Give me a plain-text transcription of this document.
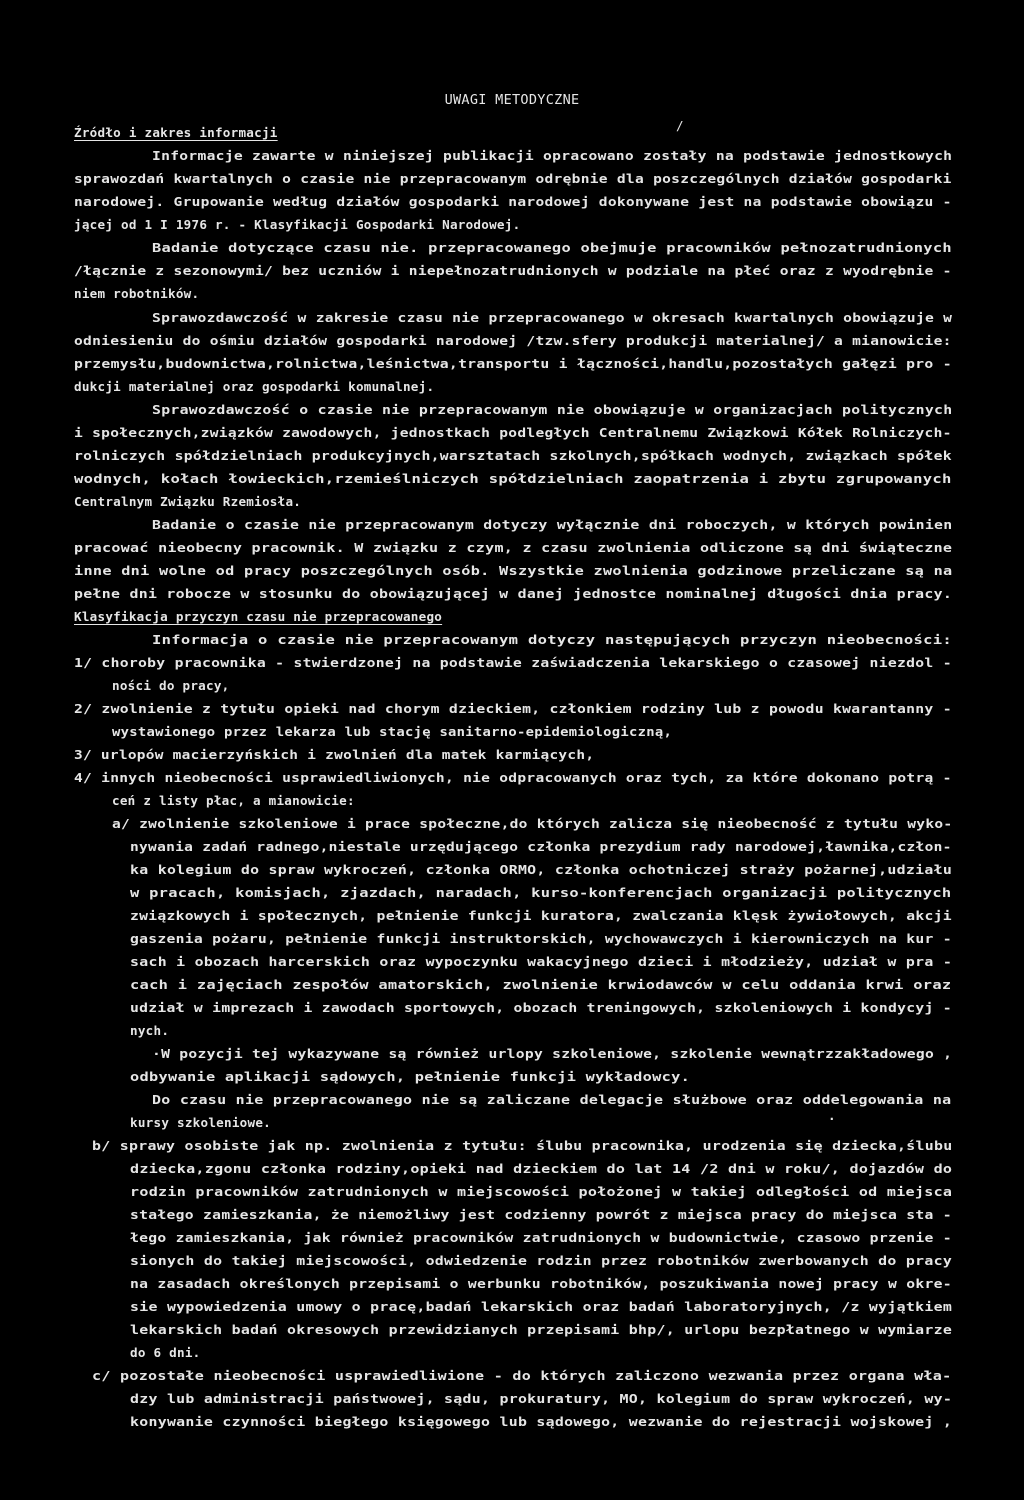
UWAGI METODYCZNE
Źródło i zakres informacji	/
Informacje zawarte w niniejszej publikacji opracowano zostały na podstawie jednostkowych
sprawozdań kwartalnych o czasie nie przepracowanym odrębnie dla poszczególnych działów gospodarki
narodowej. Grupowanie według działów gospodarki narodowej dokonywane jest na podstawie obowiązu -
jącej od 1 I 1976 r. - Klasyfikacji Gospodarki Narodowej.
Badanie dotyczące czasu nie. przepracowanego obejmuje pracowników pełnozatrudnionych
/łącznie z sezonowymi/ bez uczniów i niepełnozatrudnionych w podziale na płeć oraz z wyodrębnie -
niem robotników.
Sprawozdawczość w zakresie czasu nie przepracowanego w okresach kwartalnych obowiązuje w
odniesieniu do ośmiu działów gospodarki narodowej /tzw.sfery produkcji materialnej/ a mianowicie:
przemysłu,budownictwa,rolnictwa,leśnictwa,transportu i łączności,handlu,pozostałych gałęzi pro -
dukcji materialnej oraz gospodarki komunalnej.
Sprawozdawczość o czasie nie przepracowanym nie obowiązuje w organizacjach politycznych
i społecznych,związków zawodowych, jednostkach podległych Centralnemu Związkowi Kółek Rolniczych-
rolniczych spółdzielniach produkcyjnych,warsztatach szkolnych,spółkach wodnych, związkach spółek
wodnych, kołach łowieckich,rzemieślniczych spółdzielniach zaopatrzenia i zbytu zgrupowanych
Centralnym Związku Rzemiosła.
Badanie o czasie nie przepracowanym dotyczy wyłącznie dni roboczych, w których powinien
pracować nieobecny pracownik. W związku z czym, z czasu zwolnienia odliczone są dni świąteczne
inne dni wolne od pracy poszczególnych osób. Wszystkie zwolnienia godzinowe przeliczane są na
pełne dni robocze w stosunku do obowiązującej w danej jednostce nominalnej długości dnia pracy.
Klasyfikacja przyczyn czasu nie przepracowanego
Informacja o czasie nie przepracowanym dotyczy następujących przyczyn nieobecności:
1/ choroby pracownika - stwierdzonej na podstawie zaświadczenia lekarskiego o czasowej niezdol -
ności do pracy,
2/ zwolnienie z tytułu opieki nad chorym dzieckiem, członkiem rodziny lub z powodu kwarantanny -
wystawionego przez lekarza lub stację sanitarno-epidemiologiczną,
3/ urlopów macierzyńskich i zwolnień dla matek karmiących,
4/ innych nieobecności usprawiedliwionych, nie odpracowanych oraz tych, za które dokonano potrą -
ceń z listy płac, a mianowicie:
a/ zwolnienie szkoleniowe i prace społeczne,do których zalicza się nieobecność z tytułu wyko-
nywania zadań radnego,niestale urzędującego członka prezydium rady narodowej,ławnika,człon-
ka kolegium do spraw wykroczeń, członka ORMO, członka ochotniczej straży pożarnej,udziału
w pracach, komisjach, zjazdach, naradach, kurso-konferencjach organizacji politycznych
związkowych i społecznych, pełnienie funkcji kuratora, zwalczania klęsk żywiołowych, akcji
gaszenia pożaru, pełnienie funkcji instruktorskich, wychowawczych i kierowniczych na kur -
sach i obozach harcerskich oraz wypoczynku wakacyjnego dzieci i młodzieży, udział w pra -
cach i zajęciach zespołów amatorskich, zwolnienie krwiodawców w celu oddania krwi oraz
udział w imprezach i zawodach sportowych, obozach treningowych, szkoleniowych i kondycyj -
nych.
·W pozycji tej wykazywane są również urlopy szkoleniowe, szkolenie wewnątrzzakładowego ,
odbywanie aplikacji sądowych, pełnienie funkcji wykładowcy.
Do czasu nie przepracowanego nie są zaliczane delegacje służbowe oraz oddelegowania na
kursy szkoleniowe.
b/ sprawy osobiste jak np. zwolnienia z tytułu: ślubu pracownika, urodzenia się dziecka,ślubu
dziecka,zgonu członka rodziny,opieki nad dzieckiem do lat 14 /2 dni w roku/, dojazdów do
rodzin pracowników zatrudnionych w miejscowości położonej w takiej odległości od miejsca
stałego zamieszkania, że niemożliwy jest codzienny powrót z miejsca pracy do miejsca sta -
łego zamieszkania, jak również pracowników zatrudnionych w budownictwie, czasowo przenie -
sionych do takiej miejscowości, odwiedzenie rodzin przez robotników zwerbowanych do pracy
na zasadach określonych przepisami o werbunku robotników, poszukiwania nowej pracy w okre-
sie wypowiedzenia umowy o pracę,badań lekarskich oraz badań laboratoryjnych, /z wyjątkiem
lekarskich badań okresowych przewidzianych przepisami bhp/, urlopu bezpłatnego w wymiarze
do 6 dni.
c/ pozostałe nieobecności usprawiedliwione - do których zaliczono wezwania przez organa wła-
dzy lub administracji państwowej, sądu, prokuratury, MO, kolegium do spraw wykroczeń, wy-
konywanie czynności biegłego księgowego lub sądowego, wezwanie do rejestracji wojskowej ,
.
